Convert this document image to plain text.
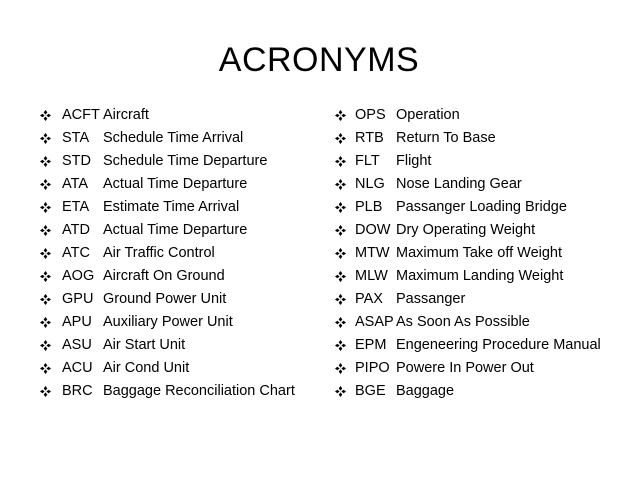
ACRONYMS
ACFT Aircraft
STA Schedule Time Arrival
STD Schedule Time Departure
ATA Actual Time Departure
ETA Estimate Time Arrival
ATD Actual Time Departure
ATC Air Traffic Control
AOG Aircraft On Ground
GPU Ground Power Unit
APU Auxiliary Power Unit
ASU Air Start Unit
ACU Air Cond Unit
BRC Baggage Reconciliation Chart
OPS Operation
RTB Return To Base
FLT Flight
NLG Nose Landing Gear
PLB Passanger Loading Bridge
DOW Dry Operating Weight
MTW Maximum Take off Weight
MLW Maximum Landing Weight
PAX Passanger
ASAP As Soon As Possible
EPM Engeneering Procedure Manual
PIPO Powere In Power Out
BGE Baggage
